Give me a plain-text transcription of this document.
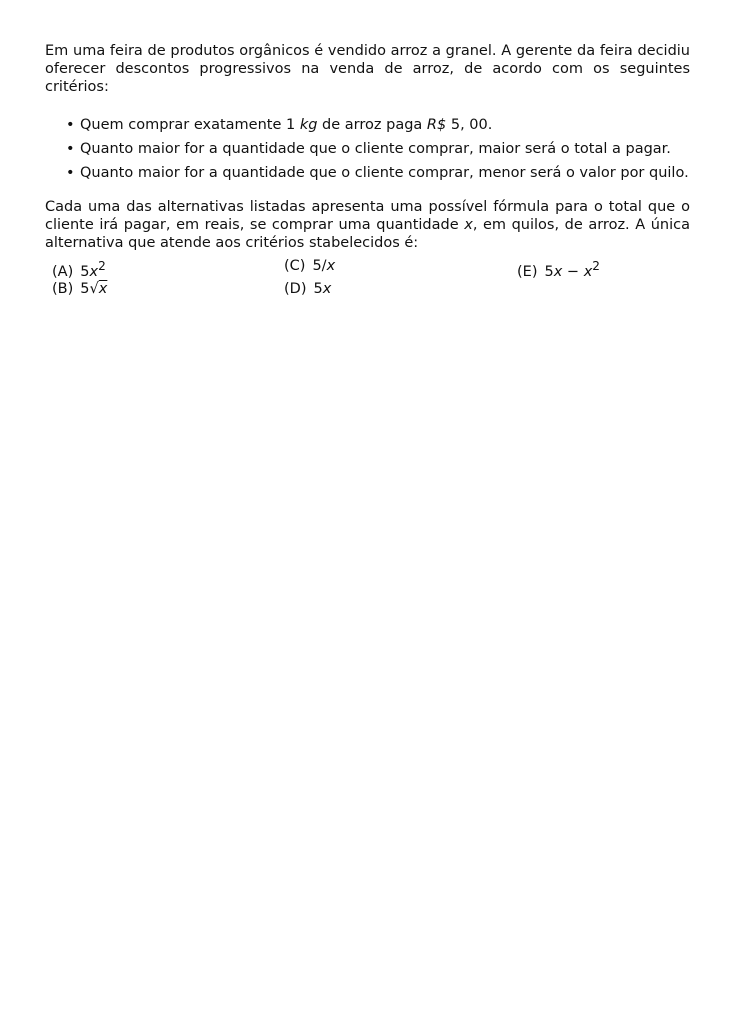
Em uma feira de produtos orgânicos é vendido arroz a granel. A gerente da feira decidiu oferecer descontos progressivos na venda de arroz, de acordo com os seguintes critérios:

• Quem comprar exatamente 1 kg de arroz paga R$ 5, 00.
• Quanto maior for a quantidade que o cliente comprar, maior será o total a pagar.
• Quanto maior for a quantidade que o cliente comprar, menor será o valor por quilo.

Cada uma das alternativas listadas apresenta uma possível fórmula para o total que o cliente irá pagar, em reais, se comprar uma quantidade x, em quilos, de arroz. A única alternativa que atende aos critérios stabelecidos é:

(A) $5x^2$	(C) 5/x	(E) $5x - x^2$
(B) 5√x	(D) 5x
